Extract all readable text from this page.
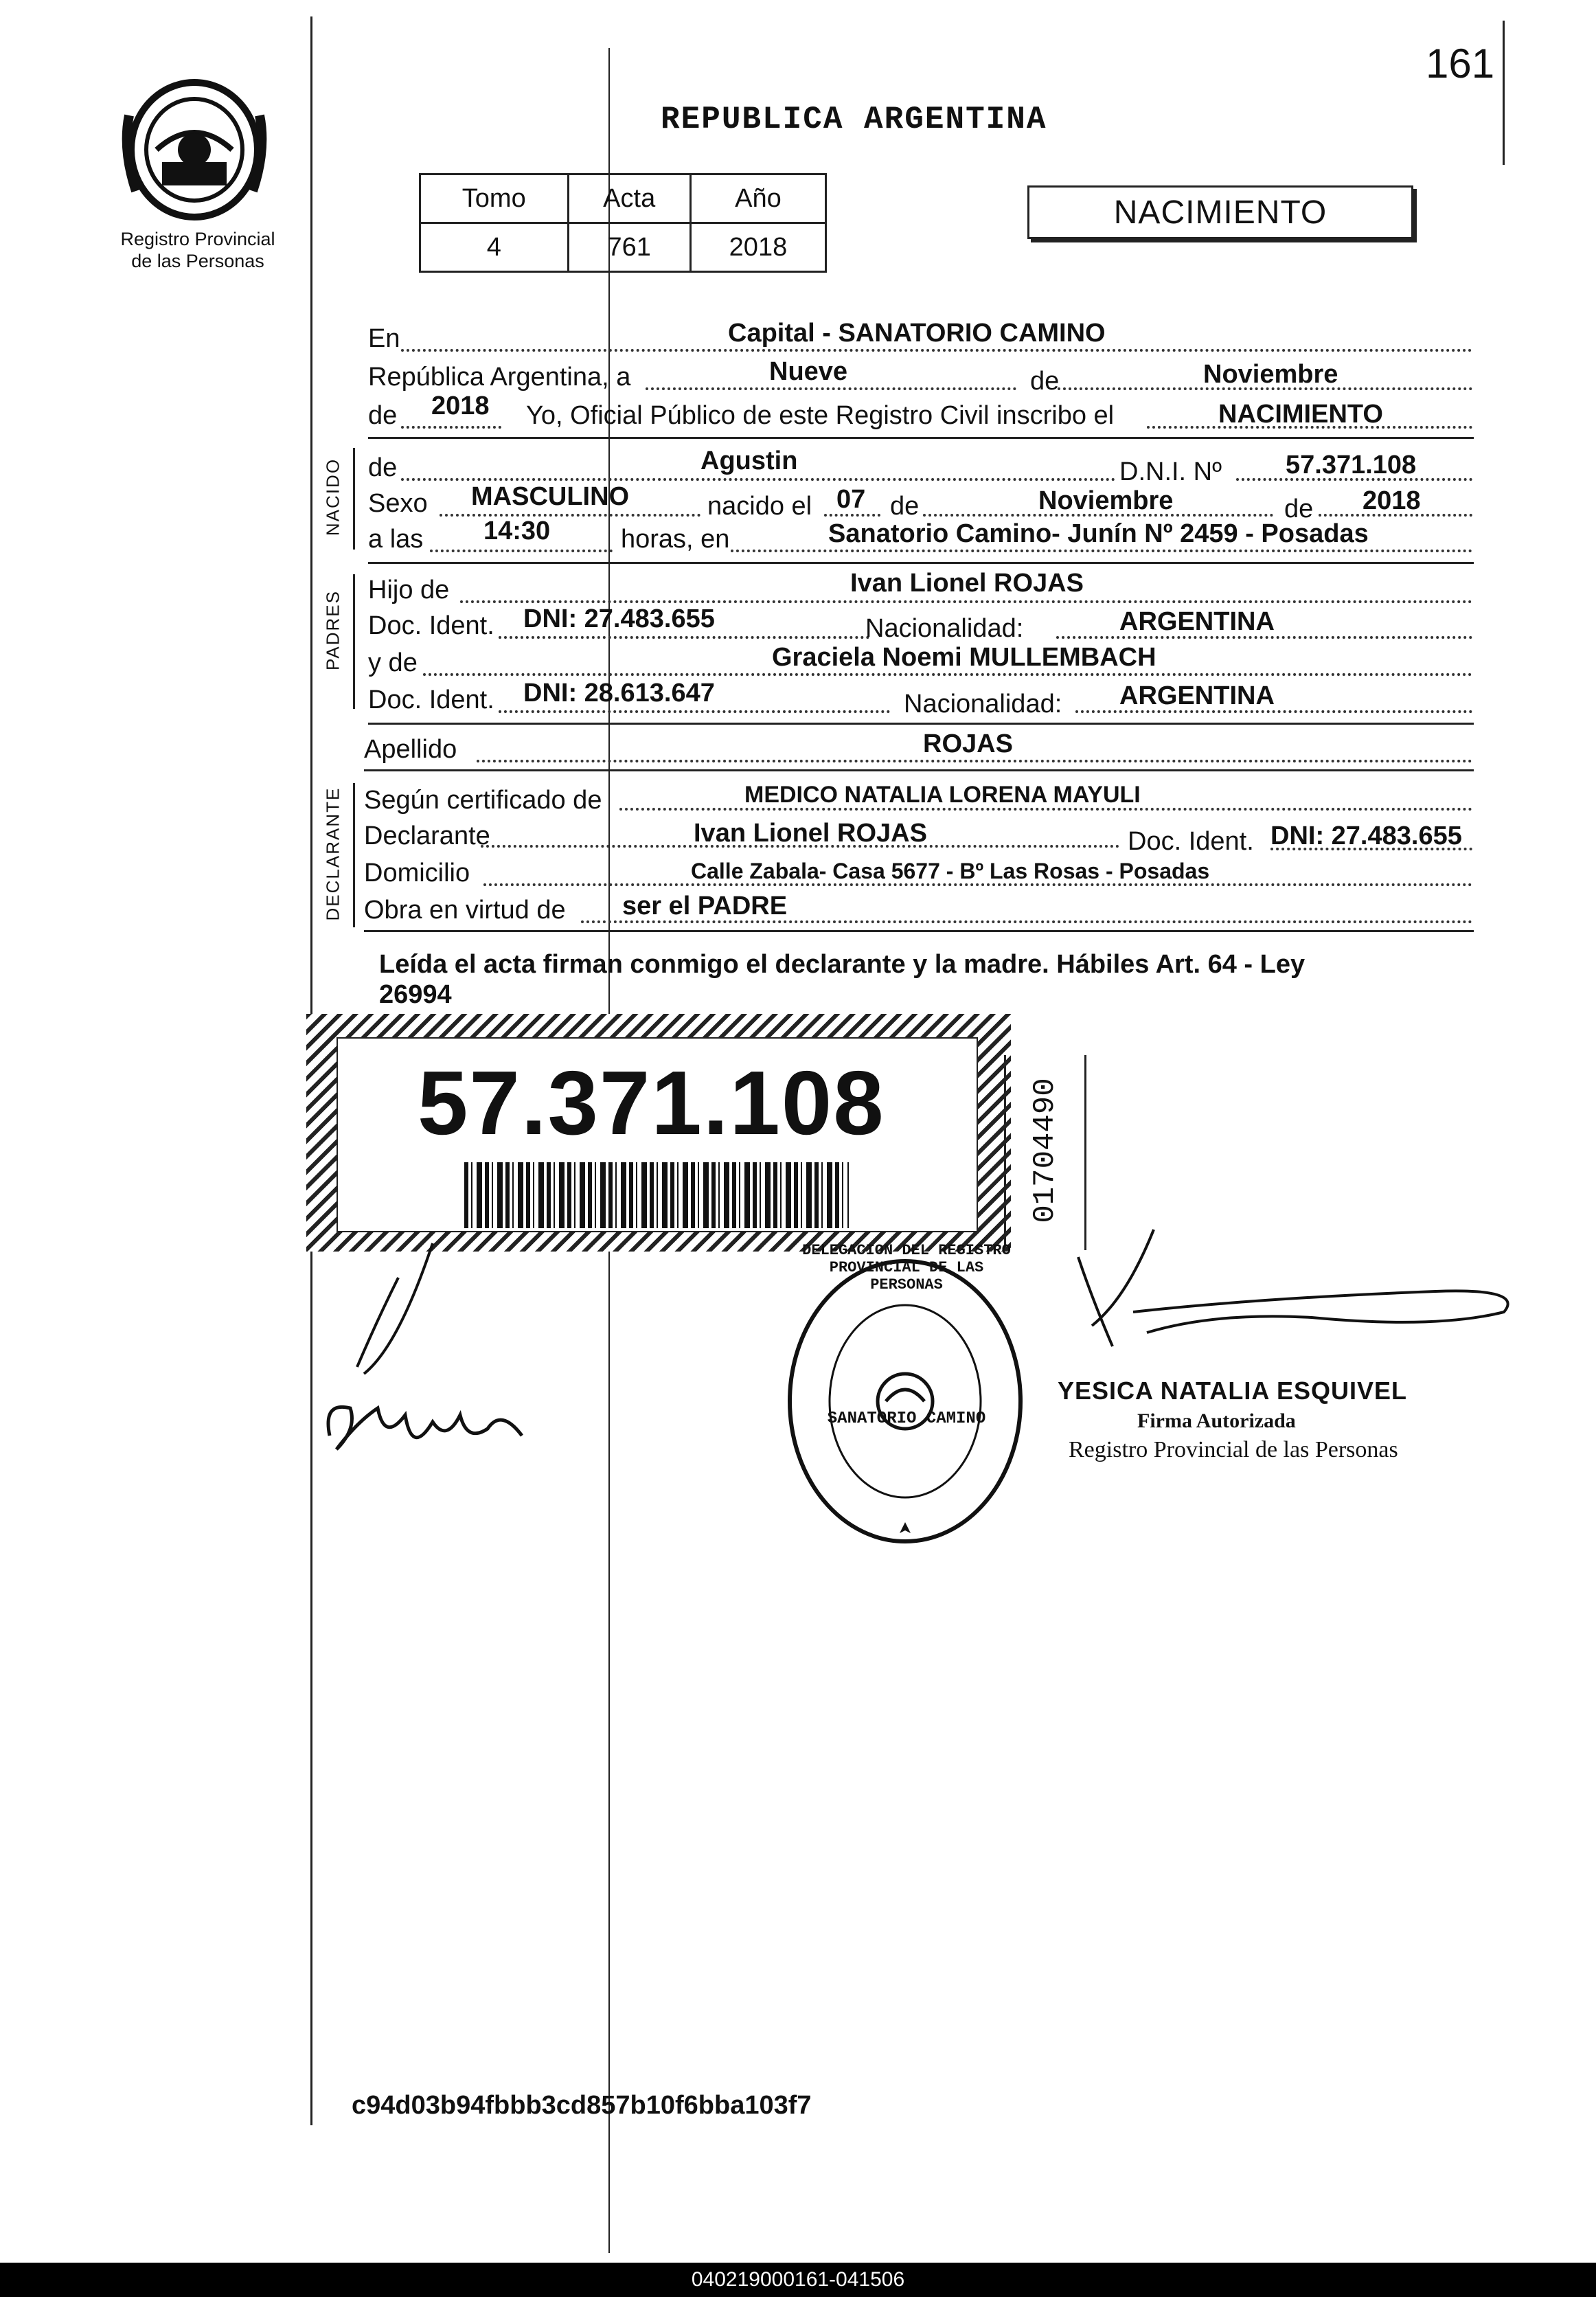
161
Registro Provincial
de las Personas
REPUBLICA ARGENTINA
Tomo	Acta	Año
4	761	2018
NACIMIENTO
En	Capital - SANATORIO CAMINO
República Argentina, a	Nueve	de	Noviembre
de 2018 Yo, Oficial Público de este Registro Civil inscribo el	NACIMIENTO
NACIDO de	Agustin	D.N.I. Nº 57.371.108
Sexo MASCULINO	nacido el 07 de	Noviembre	de 2018
a las 14:30	horas, en	Sanatorio Camino- Junín Nº 2459 - Posadas
PADRES Hijo de	Ivan Lionel ROJAS
Doc. Ident. DNI: 27.483.655	Nacionalidad:	ARGENTINA
y de	Graciela Noemi MULLEMBACH
Doc. Ident. DNI: 28.613.647	Nacionalidad: ARGENTINA
Apellido	ROJAS
DECLARANTE Según certificado de	MEDICO NATALIA LORENA MAYULI
Declarante	Ivan Lionel ROJAS	Doc. Ident. DNI: 27.483.655
Domicilio	Calle Zabala- Casa 5677 - Bº Las Rosas - Posadas
Obra en virtud de ser el PADRE
Leída el acta firman conmigo el declarante y la madre. Hábiles Art. 64 - Ley
26994
57.371.108	01704490
DELEGACION DEL REGISTRO PROVINCIAL DE LAS PERSONAS
SANATORIO CAMINO
YESICA NATALIA ESQUIVEL
Firma Autorizada
Registro Provincial de las Personas
c94d03b94fbbb3cd857b10f6bba103f7
040219000161-041506
